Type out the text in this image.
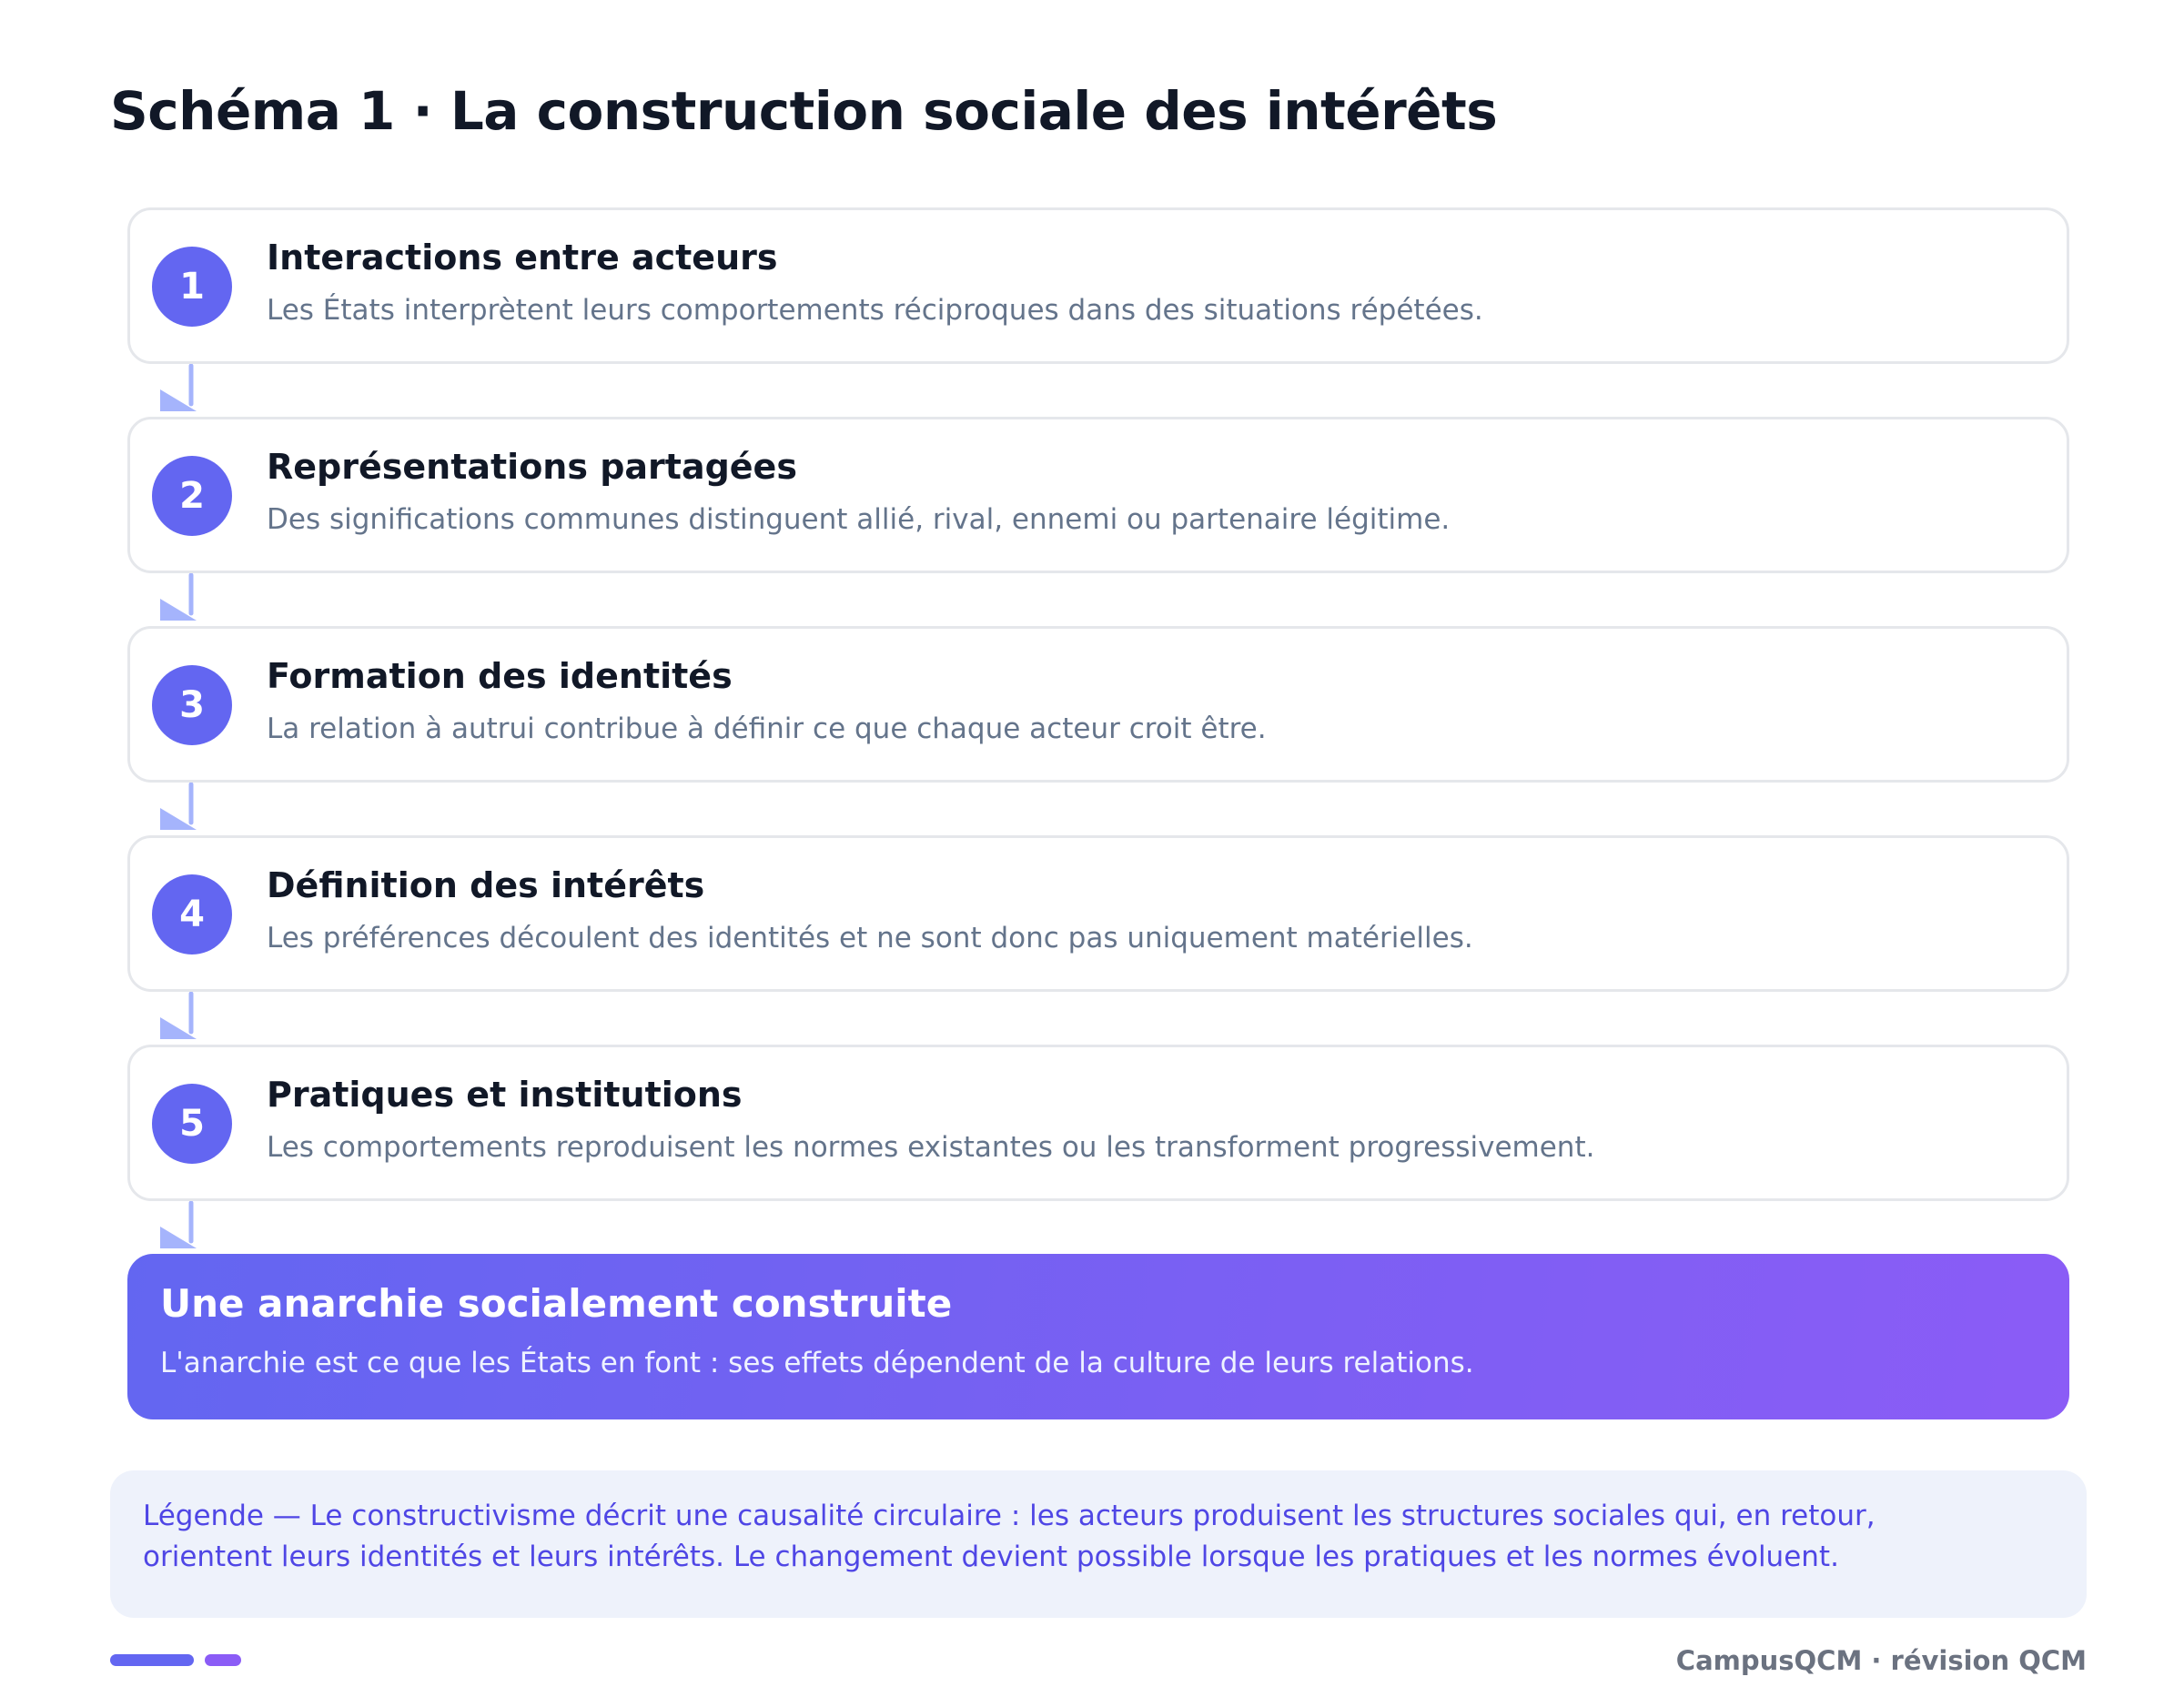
Schéma 1 · La construction sociale des intérêts
1
Interactions entre acteurs
Les États interprètent leurs comportements réciproques dans des situations répétées.
2
Représentations partagées
Des significations communes distinguent allié, rival, ennemi ou partenaire légitime.
3
Formation des identités
La relation à autrui contribue à définir ce que chaque acteur croit être.
4
Définition des intérêts
Les préférences découlent des identités et ne sont donc pas uniquement matérielles.
5
Pratiques et institutions
Les comportements reproduisent les normes existantes ou les transforment progressivement.
Une anarchie socialement construite
L'anarchie est ce que les États en font : ses effets dépendent de la culture de leurs relations.
Légende — Le constructivisme décrit une causalité circulaire : les acteurs produisent les structures sociales qui, en retour,
orientent leurs identités et leurs intérêts. Le changement devient possible lorsque les pratiques et les normes évoluent.
CampusQCM · révision QCM
